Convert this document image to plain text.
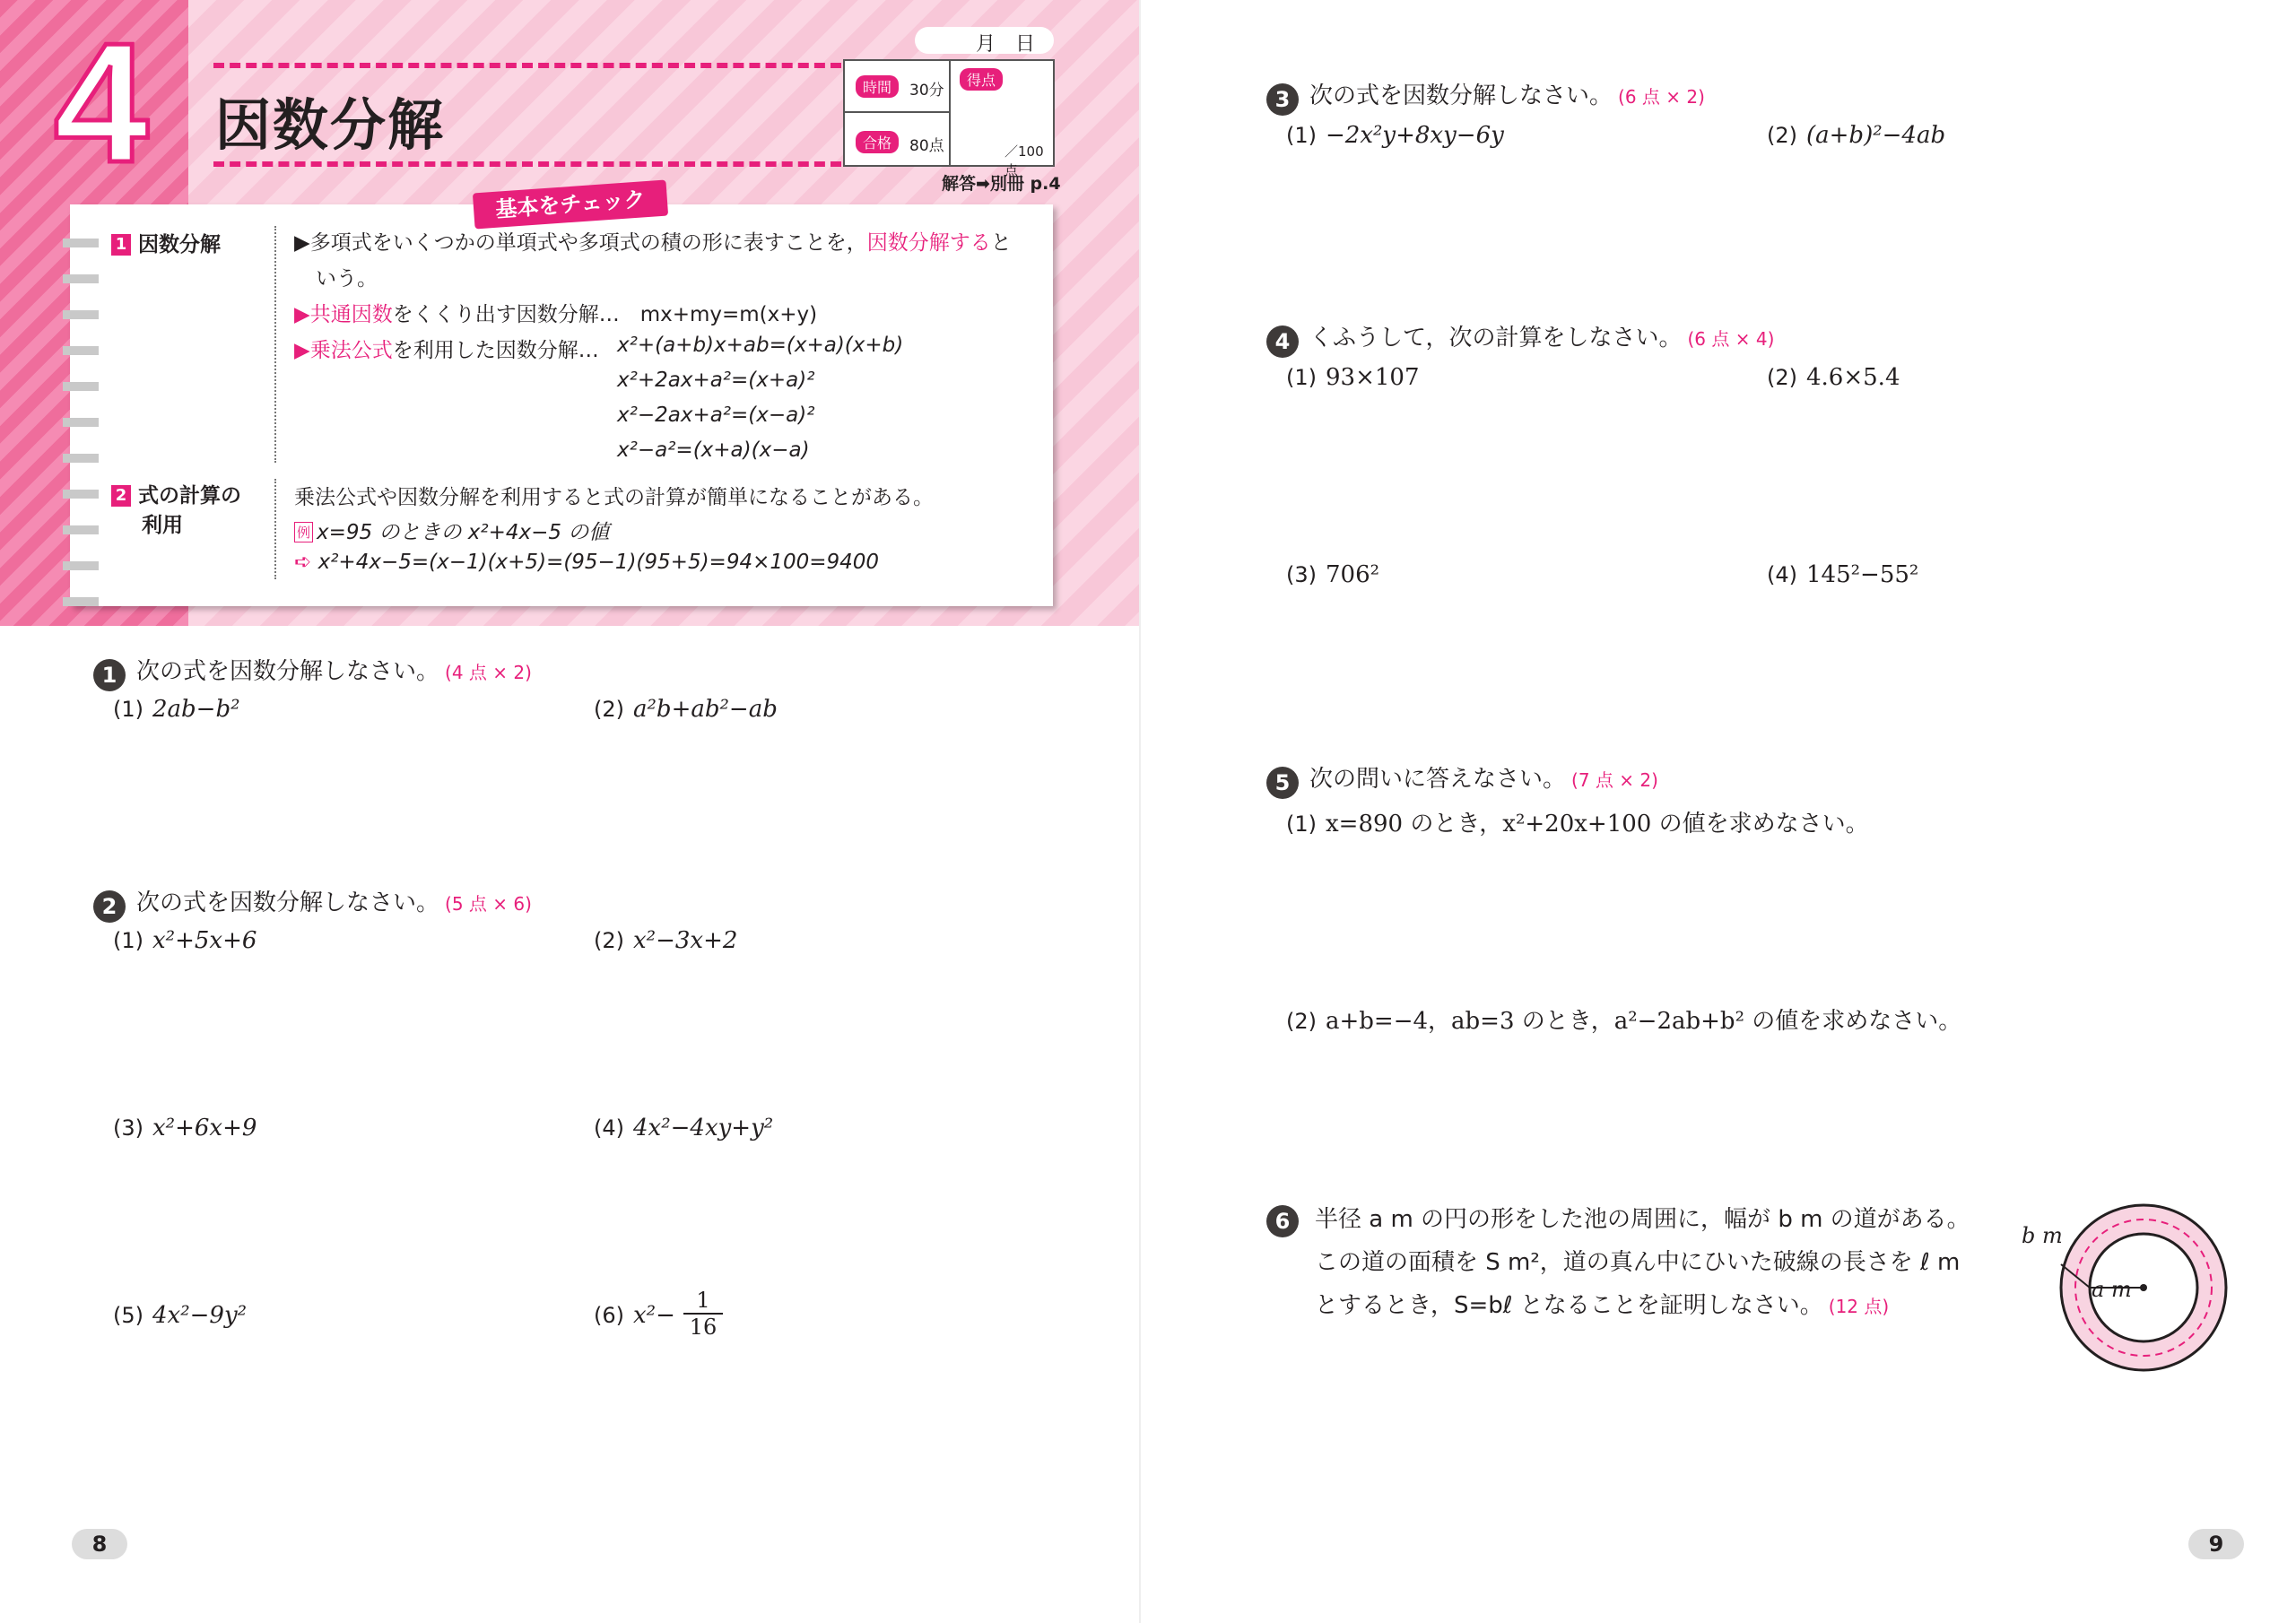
4 因数分解
月　日
時間	30分
合格	80点
得点
／100点
解答➡別冊 p.4
基本をチェック
1 因数分解	▶多項式をいくつかの単項式や多項式の積の形に表すことを，因数分解すると
いう。
▶共通因数をくくり出す因数分解…　mx+my=m(x+y)
▶乗法公式を利用した因数分解… x²+(a+b)x+ab=(x+a)(x+b)
x²+2ax+a²=(x+a)²
x²−2ax+a²=(x−a)²
x²−a²=(x+a)(x−a)
2 式の計算の
利用
乗法公式や因数分解を利用すると式の計算が簡単になることがある。
例 x=95 のときの x²+4x−5 の値
➪ x²+4x−5=(x−1)(x+5)=(95−1)(95+5)=94×100=9400
1 次の式を因数分解しなさい。 (4 点 × 2)
(1) 2ab−b²	(2) a²b+ab²−ab
2 次の式を因数分解しなさい。 (5 点 × 6)
(1) x²+5x+6	(2) x²−3x+2
(3) x²+6x+9	(4) 4x²−4xy+y²
(5) 4x²−9y²	(6) $x^2- \frac{1}{16}$
8
3 次の式を因数分解しなさい。 (6 点 × 2)
(1) −2x²y+8xy−6y	(2) (a+b)²−4ab
4 くふうして，次の計算をしなさい。 (6 点 × 4)
(1) 93×107	(2) 4.6×5.4
(3) 706²	(4) 145²−55²
5 次の問いに答えなさい。 (7 点 × 2)
(1) x=890 のとき，x²+20x+100 の値を求めなさい。
(2) a+b=−4，ab=3 のとき，a²−2ab+b² の値を求めなさい。
6	半径 a m の円の形をした池の周囲に，幅が b m の道がある。
この道の面積を S m²，道の真ん中にひいた破線の長さを ℓ m
とするとき，S=bℓ となることを証明しなさい。 (12 点)
b m
a m
9
